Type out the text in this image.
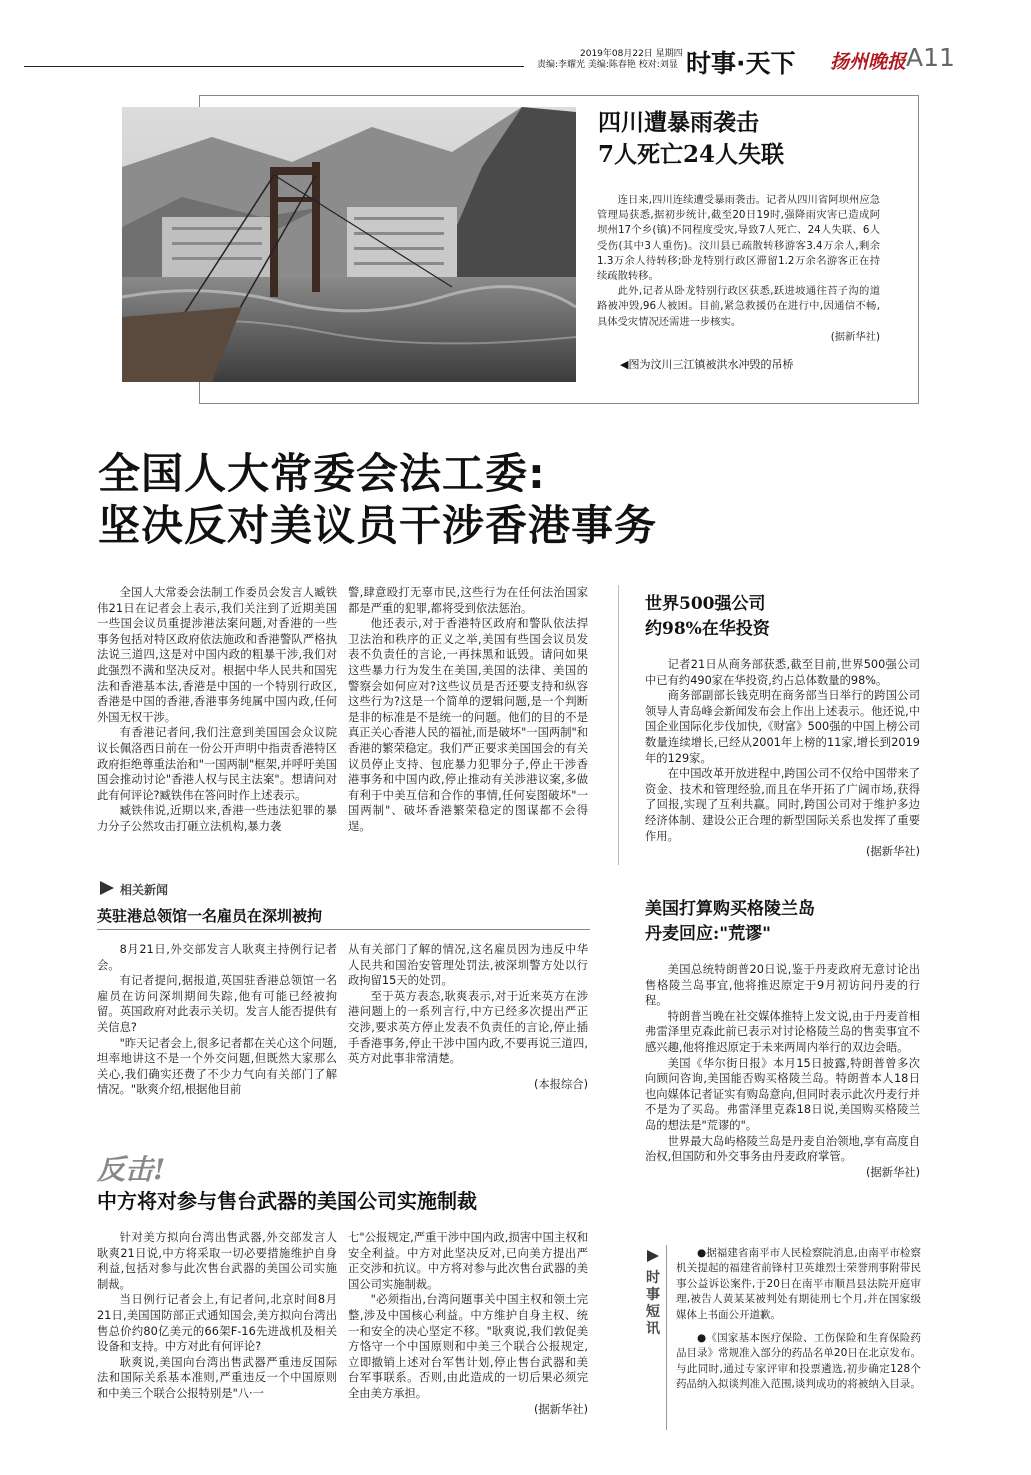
2019年08月22日 星期四
责编:李耀光 美编:陈春艳 校对:刘显 时事·天下 扬州晚报 A11
四川遭暴雨袭击
7人死亡24人失联

连日来,四川连续遭受暴雨袭击。记者从四川省阿坝州应急管理局获悉,据初步统计,截至20日19时,强降雨灾害已造成阿坝州17个乡(镇)不同程度受灾,导致7人死亡、24人失联、6人受伤(其中3人重伤)。汶川县已疏散转移游客3.4万余人,剩余1.3万余人待转移;卧龙特别行政区滞留1.2万余名游客正在持续疏散转移。

此外,记者从卧龙特别行政区获悉,跃进坡通往苔子沟的道路被冲毁,96人被困。目前,紧急救援仍在进行中,因通信不畅,具体受灾情况还需进一步核实。

(据新华社)
◀图为汶川三江镇被洪水冲毁的吊桥
全国人大常委会法工委:
坚决反对美议员干涉香港事务

全国人大常委会法制工作委员会发言人臧铁伟21日在记者会上表示,我们关注到了近期美国一些国会议员重提涉港法案问题,对香港的一些事务包括对特区政府依法施政和香港警队严格执法说三道四,这是对中国内政的粗暴干涉,我们对此强烈不满和坚决反对。根据中华人民共和国宪法和香港基本法,香港是中国的一个特别行政区,香港是中国的香港,香港事务纯属中国内政,任何外国无权干涉。

有香港记者问,我们注意到美国国会众议院议长佩洛西日前在一份公开声明中指责香港特区政府拒绝尊重法治和"一国两制"框架,并呼吁美国国会推动讨论"香港人权与民主法案"。想请问对此有何评论?臧铁伟在答问时作上述表示。

臧铁伟说,近期以来,香港一些违法犯罪的暴力分子公然攻击打砸立法机构,暴力袭

警,肆意殴打无辜市民,这些行为在任何法治国家都是严重的犯罪,都将受到依法惩治。

他还表示,对于香港特区政府和警队依法捍卫法治和秩序的正义之举,美国有些国会议员发表不负责任的言论,一再抹黑和诋毁。请问如果这些暴力行为发生在美国,美国的法律、美国的警察会如何应对?这些议员是否还要支持和纵容这些行为?这是一个简单的逻辑问题,是一个判断是非的标准是不是统一的问题。他们的目的不是真正关心香港人民的福祉,而是破坏"一国两制"和香港的繁荣稳定。我们严正要求美国国会的有关议员停止支持、包庇暴力犯罪分子,停止干涉香港事务和中国内政,停止推动有关涉港议案,多做有利于中美互信和合作的事情,任何妄图破坏"一国两制"、破坏香港繁荣稳定的图谋都不会得逞。

相关新闻
英驻港总领馆一名雇员在深圳被拘

8月21日,外交部发言人耿爽主持例行记者会。

有记者提问,据报道,英国驻香港总领馆一名雇员在访问深圳期间失踪,他有可能已经被拘留。英国政府对此表示关切。发言人能否提供有关信息?

"昨天记者会上,很多记者都在关心这个问题,坦率地讲这不是一个外交问题,但既然大家那么关心,我们确实还费了不少力气向有关部门了解情况。"耿爽介绍,根据他目前

从有关部门了解的情况,这名雇员因为违反中华人民共和国治安管理处罚法,被深圳警方处以行政拘留15天的处罚。

至于英方表态,耿爽表示,对于近来英方在涉港问题上的一系列言行,中方已经多次提出严正交涉,要求英方停止发表不负责任的言论,停止插手香港事务,停止干涉中国内政,不要再说三道四,英方对此事非常清楚。

(本报综合)
反击!
中方将对参与售台武器的美国公司实施制裁

针对美方拟向台湾出售武器,外交部发言人耿爽21日说,中方将采取一切必要措施维护自身利益,包括对参与此次售台武器的美国公司实施制裁。

当日例行记者会上,有记者问,北京时间8月21日,美国国防部正式通知国会,美方拟向台湾出售总价约80亿美元的66架F-16先进战机及相关设备和支持。中方对此有何评论?

耿爽说,美国向台湾出售武器严重违反国际法和国际关系基本准则,严重违反一个中国原则和中美三个联合公报特别是"八·一

七"公报规定,严重干涉中国内政,损害中国主权和安全利益。中方对此坚决反对,已向美方提出严正交涉和抗议。中方将对参与此次售台武器的美国公司实施制裁。

"必须指出,台湾问题事关中国主权和领土完整,涉及中国核心利益。中方维护自身主权、统一和安全的决心坚定不移。"耿爽说,我们敦促美方恪守一个中国原则和中美三个联合公报规定,立即撤销上述对台军售计划,停止售台武器和美台军事联系。否则,由此造成的一切后果必须完全由美方承担。

(据新华社)
世界500强公司
约98%在华投资

记者21日从商务部获悉,截至目前,世界500强公司中已有约490家在华投资,约占总体数量的98%。

商务部副部长钱克明在商务部当日举行的跨国公司领导人青岛峰会新闻发布会上作出上述表示。他还说,中国企业国际化步伐加快,《财富》500强的中国上榜公司数量连续增长,已经从2001年上榜的11家,增长到2019年的129家。

在中国改革开放进程中,跨国公司不仅给中国带来了资金、技术和管理经验,而且在华开拓了广阔市场,获得了回报,实现了互利共赢。同时,跨国公司对于维护多边经济体制、建设公正合理的新型国际关系也发挥了重要作用。

(据新华社)
美国打算购买格陵兰岛
丹麦回应:"荒谬"

美国总统特朗普20日说,鉴于丹麦政府无意讨论出售格陵兰岛事宜,他将推迟原定于9月初访问丹麦的行程。

特朗普当晚在社交媒体推特上发文说,由于丹麦首相弗雷泽里克森此前已表示对讨论格陵兰岛的售卖事宜不感兴趣,他将推迟原定于未来两周内举行的双边会晤。

美国《华尔街日报》本月15日披露,特朗普曾多次向顾问咨询,美国能否购买格陵兰岛。特朗普本人18日也向媒体记者证实有购岛意向,但同时表示此次丹麦行并不是为了买岛。弗雷泽里克森18日说,美国购买格陵兰岛的想法是"荒谬的"。

世界最大岛屿格陵兰岛是丹麦自治领地,享有高度自治权,但国防和外交事务由丹麦政府掌管。

(据新华社)
时事短讯

●据福建省南平市人民检察院消息,由南平市检察机关提起的福建省前锋村卫英雄烈士荣誉刑事附带民事公益诉讼案件,于20日在南平市顺昌县法院开庭审理,被告人黄某某被判处有期徒刑七个月,并在国家级媒体上书面公开道歉。

●《国家基本医疗保险、工伤保险和生育保险药品目录》常规准入部分的药品名单20日在北京发布。与此同时,通过专家评审和投票遴选,初步确定128个药品纳入拟谈判准入范围,谈判成功的将被纳入目录。
